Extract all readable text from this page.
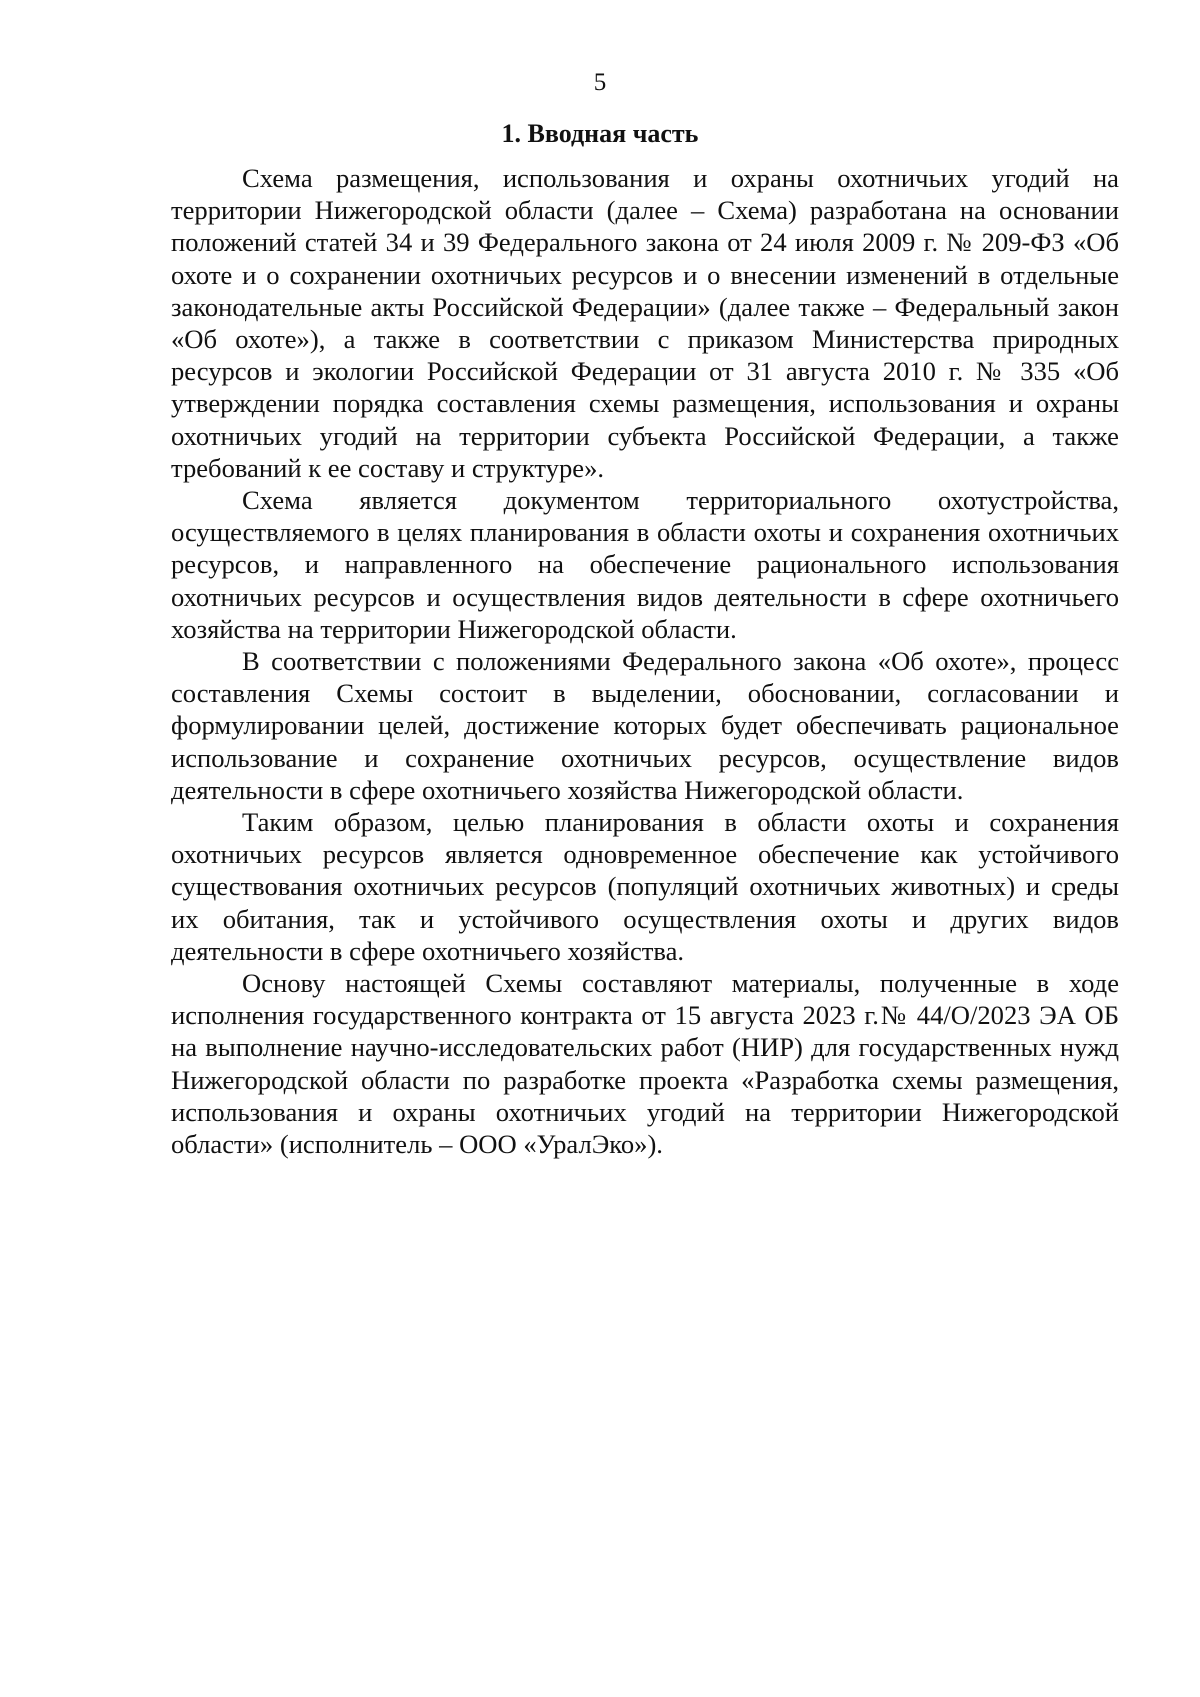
5
1. Вводная часть

Схема размещения, использования и охраны охотничьих угодий на территории Нижегородской области (далее – Схема) разработана на основании положений статей 34 и 39 Федерального закона от 24 июля 2009 г. № 209-ФЗ «Об охоте и о сохранении охотничьих ресурсов и о внесении изменений в отдельные законодательные акты Российской Федерации» (далее также – Федеральный закон «Об охоте»), а также в соответствии с приказом Министерства природных ресурсов и экологии Российской Федерации от 31 августа 2010 г. № 335 «Об утверждении порядка составления схемы размещения, использования и охраны охотничьих угодий на территории субъекта Российской Федерации, а также требований к ее составу и структуре».

Схема является документом территориального охотустройства, осуществляемого в целях планирования в области охоты и сохранения охотничьих ресурсов, и направленного на обеспечение рационального использования охотничьих ресурсов и осуществления видов деятельности в сфере охотничьего хозяйства на территории Нижегородской области.

В соответствии с положениями Федерального закона «Об охоте», процесс составления Схемы состоит в выделении, обосновании, согласовании и формулировании целей, достижение которых будет обеспечивать рациональное использование и сохранение охотничьих ресурсов, осуществление видов деятельности в сфере охотничьего хозяйства Нижегородской области.

Таким образом, целью планирования в области охоты и сохранения охотничьих ресурсов является одновременное обеспечение как устойчивого существования охотничьих ресурсов (популяций охотничьих животных) и среды их обитания, так и устойчивого осуществления охоты и других видов деятельности в сфере охотничьего хозяйства.

Основу настоящей Схемы составляют материалы, полученные в ходе исполнения государственного контракта от 15 августа 2023 г.№ 44/О/2023 ЭА ОБ на выполнение научно-исследовательских работ (НИР) для государственных нужд Нижегородской области по разработке проекта «Разработка схемы размещения, использования и охраны охотничьих угодий на территории Нижегородской области» (исполнитель – ООО «УралЭко»).
